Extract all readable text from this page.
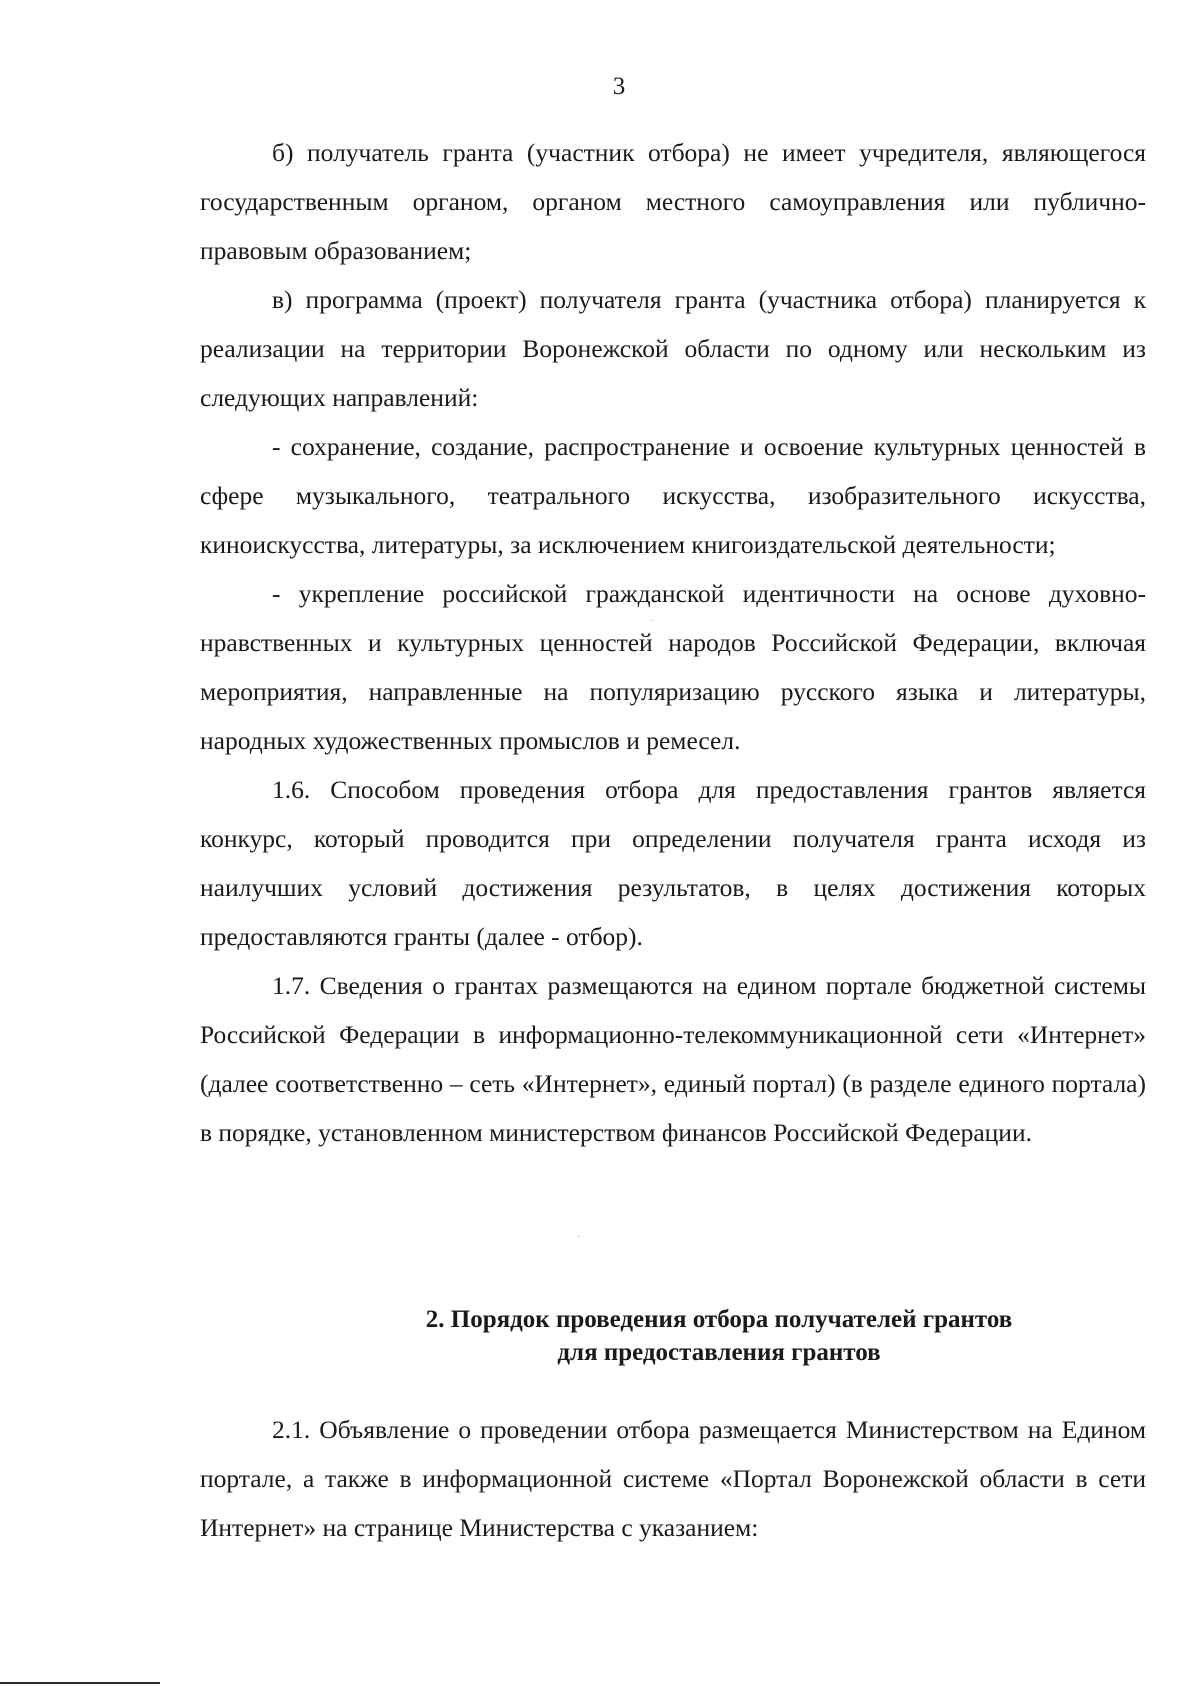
3

б) получатель гранта (участник отбора) не имеет учредителя, являющегося государственным органом, органом местного самоуправления или публично-правовым образованием;

в) программа (проект) получателя гранта (участника отбора) планируется к реализации на территории Воронежской области по одному или нескольким из следующих направлений:

- сохранение, создание, распространение и освоение культурных ценностей в сфере музыкального, театрального искусства, изобразительного искусства, киноискусства, литературы, за исключением книгоиздательской деятельности;

- укрепление российской гражданской идентичности на основе духовно-нравственных и культурных ценностей народов Российской Федерации, включая мероприятия, направленные на популяризацию русского языка и литературы, народных художественных промыслов и ремесел.

1.6. Способом проведения отбора для предоставления грантов является конкурс, который проводится при определении получателя гранта исходя из наилучших условий достижения результатов, в целях достижения которых предоставляются гранты (далее - отбор).

1.7. Сведения о грантах размещаются на едином портале бюджетной системы Российской Федерации в информационно-телекоммуникационной сети «Интернет» (далее соответственно – сеть «Интернет», единый портал) (в разделе единого портала) в порядке, установленном министерством финансов Российской Федерации.

2. Порядок проведения отбора получателей грантов
для предоставления грантов

2.1. Объявление о проведении отбора размещается Министерством на Едином портале, а также в информационной системе «Портал Воронежской области в сети Интернет» на странице Министерства с указанием:
